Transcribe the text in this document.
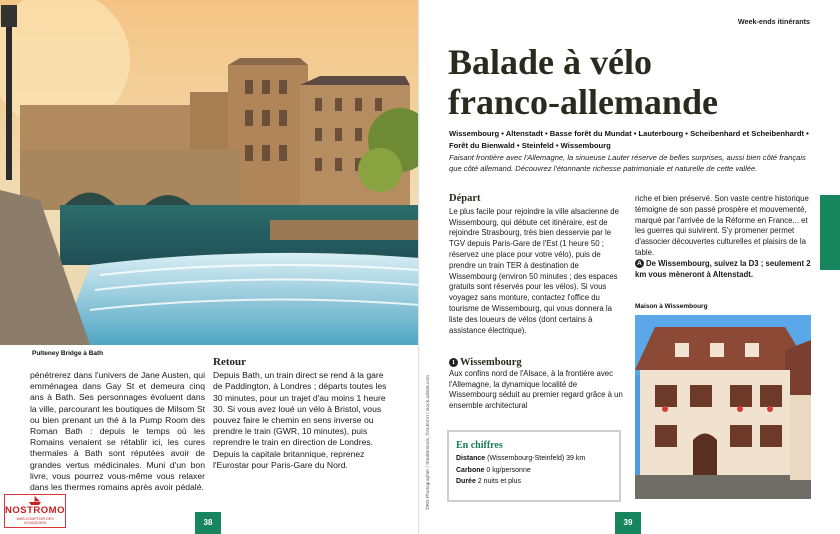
Pulteney Bridge à Bath
pénétrerez dans l'univers de Jane Austen, qui emménagea dans Gay St et demeura cinq ans à Bath. Ses personnages évoluent dans la ville, parcourant les boutiques de Milsom St ou bien prenant un thé à la Pump Room des Roman Bath : depuis le temps où les Romains venaient se rétablir ici, les cures thermales à Bath sont réputées avoir de grandes vertus médicinales. Muni d'un bon livre, vous pourrez vous-même vous relaxer dans les thermes romains après avoir pédalé.
Retour
Depuis Bath, un train direct se rend à la gare de Paddington, à Londres ; départs toutes les 30 minutes, pour un trajet d'au moins 1 heure 30. Si vous avez loué un vélo à Bristol, vous pouvez faire le chemin en sens inverse ou prendre le train (GWR, 10 minutes), puis reprendre le train en direction de Londres. Depuis la capitale britannique, reprenez l'Eurostar pour Paris-Gare du Nord.
38
NOSTROMO
WEB-COMPTOIR DES VOYAGEURS
Week-ends itinérants
Balade à vélo
franco-allemande
Wissembourg • Altenstadt • Basse forêt du Mundat • Lauterbourg • Scheibenhard et Scheibenhardt • Forêt du Bienwald • Steinfeld • Wissembourg
Faisant frontière avec l'Allemagne, la sinueuse Lauter réserve de belles surprises, aussi bien côté français que côté allemand. Découvrez l'étonnante richesse patrimoniale et naturelle de cette vallée.
Départ
Le plus facile pour rejoindre la ville alsacienne de Wissembourg, qui débute cet itinéraire, est de rejoindre Strasbourg, très bien desservie par le TGV depuis Paris-Gare de l'Est (1 heure 50 ; réservez une place pour votre vélo), puis de prendre un train TER à destination de Wissembourg (environ 50 minutes ; des espaces gratuits sont réservés pour les vélos). Si vous voyagez sans monture, contactez l'office du tourisme de Wissembourg, qui vous donnera la liste des loueurs de vélos (dont certains à assistance électrique).
1 Wissembourg
Aux confins nord de l'Alsace, à la frontière avec l'Allemagne, la dynamique localité de Wissembourg séduit au premier regard grâce à un ensemble architectural
©RG Photographer / Shutterstock, ©ALEXVI / stock.adobe.com	En chiffres
Distance (Wissembourg-Steinfeld) 39 km
Carbone 0 kg/personne
Durée 2 nuits et plus
riche et bien préservé. Son vaste centre historique témoigne de son passé prospère et mouvementé, marqué par l'arrivée de la Réforme en France... et les guerres qui suivirent. S'y promener permet d'associer découvertes culturelles et plaisirs de la table.
A De Wissembourg, suivez la D3 ; seulement 2 km vous mèneront à Altenstadt.
Maison à Wissembourg
39
